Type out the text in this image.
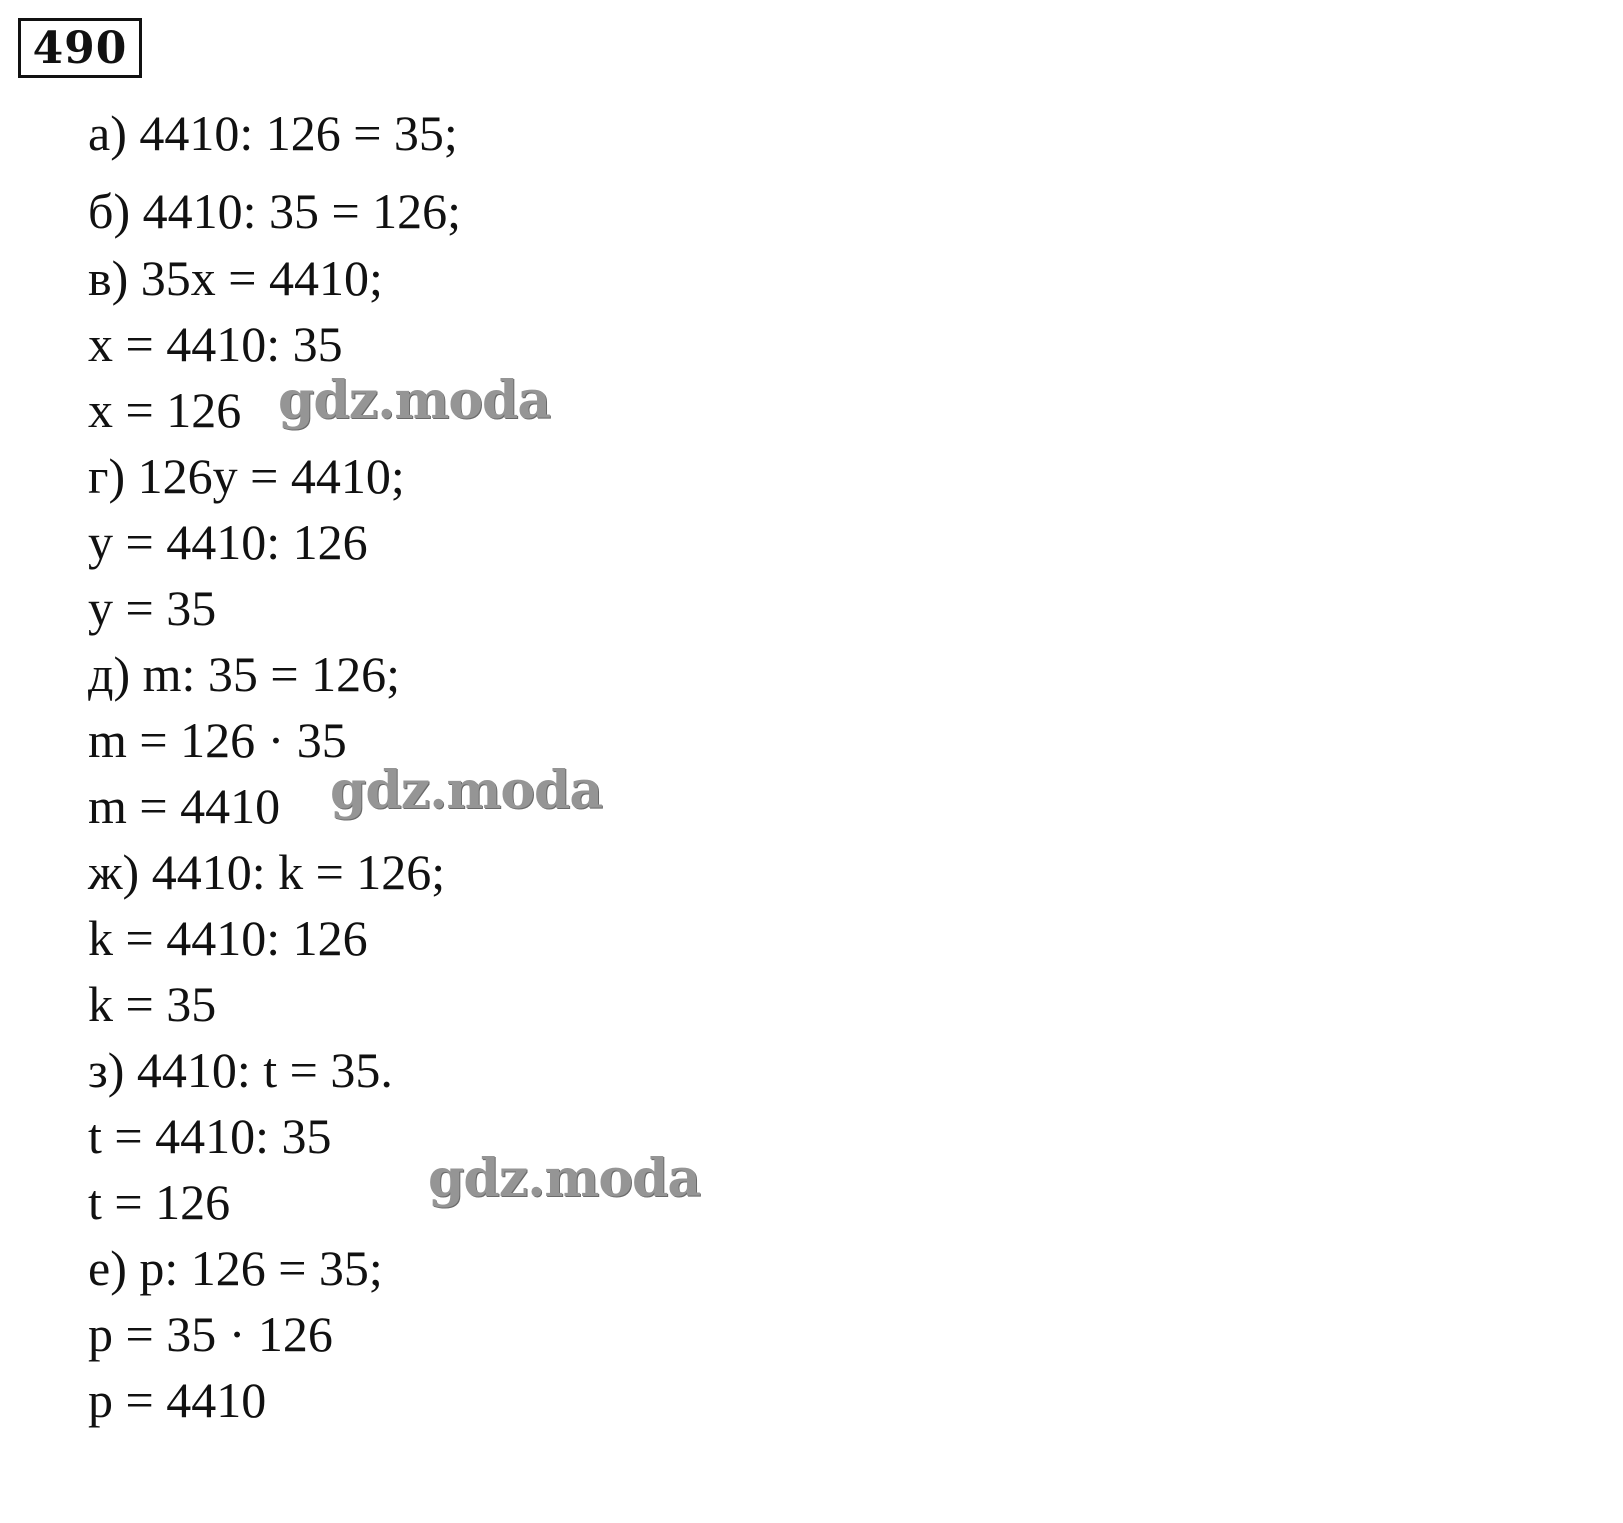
490
а) 4410: 126 = 35;
б) 4410: 35 = 126;
в) 35x = 4410;
x = 4410: 35
x = 126
г) 126y = 4410;
y = 4410: 126
y = 35
д) m: 35 = 126;
m = 126 · 35
m = 4410
ж) 4410: k = 126;
k = 4410: 126
k = 35
з) 4410: t = 35.
t = 4410: 35
t = 126
е) p: 126 = 35;
p = 35 · 126
p = 4410
gdz.moda
gdz.moda
gdz.moda
